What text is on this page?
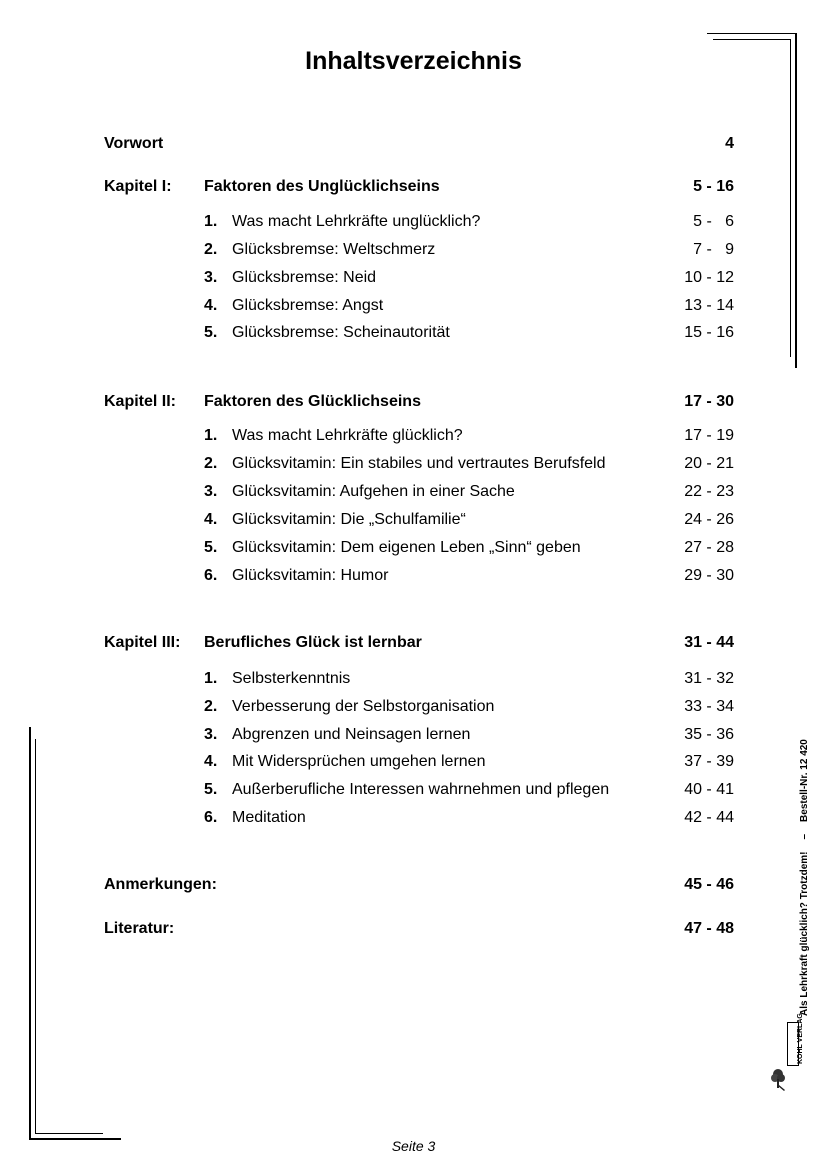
Inhaltsverzeichnis
Vorwort	4
Kapitel I: Faktoren des Unglücklichseins	5 - 16
1. Was macht Lehrkräfte unglücklich?	5 -   6
2. Glücksbremse: Weltschmerz	7 -   9
3. Glücksbremse: Neid	10 - 12
4. Glücksbremse: Angst	13 - 14
5. Glücksbremse: Scheinautorität	15 - 16
Kapitel II: Faktoren des Glücklichseins	17 - 30
1. Was macht Lehrkräfte glücklich?	17 - 19
2. Glücksvitamin: Ein stabiles und vertrautes Berufsfeld	20 - 21
3. Glücksvitamin: Aufgehen in einer Sache	22 - 23
4. Glücksvitamin: Die „Schulfamilie“	24 - 26
5. Glücksvitamin: Dem eigenen Leben „Sinn“ geben	27 - 28
6. Glücksvitamin: Humor	29 - 30
Kapitel III: Berufliches Glück ist lernbar	31 - 44
1. Selbsterkenntnis	31 - 32
2. Verbesserung der Selbstorganisation	33 - 34
3. Abgrenzen und Neinsagen lernen	35 - 36
4. Mit Widersprüchen umgehen lernen	37 - 39
5. Außerberufliche Interessen wahrnehmen und pflegen	40 - 41
6. Meditation	42 - 44
Anmerkungen:	45 - 46
Literatur:	47 - 48	Als Lehrkraft glücklich? Trotzdem!–Bestell-Nr. 12 420
KOHL VERLAG
Seite 3
